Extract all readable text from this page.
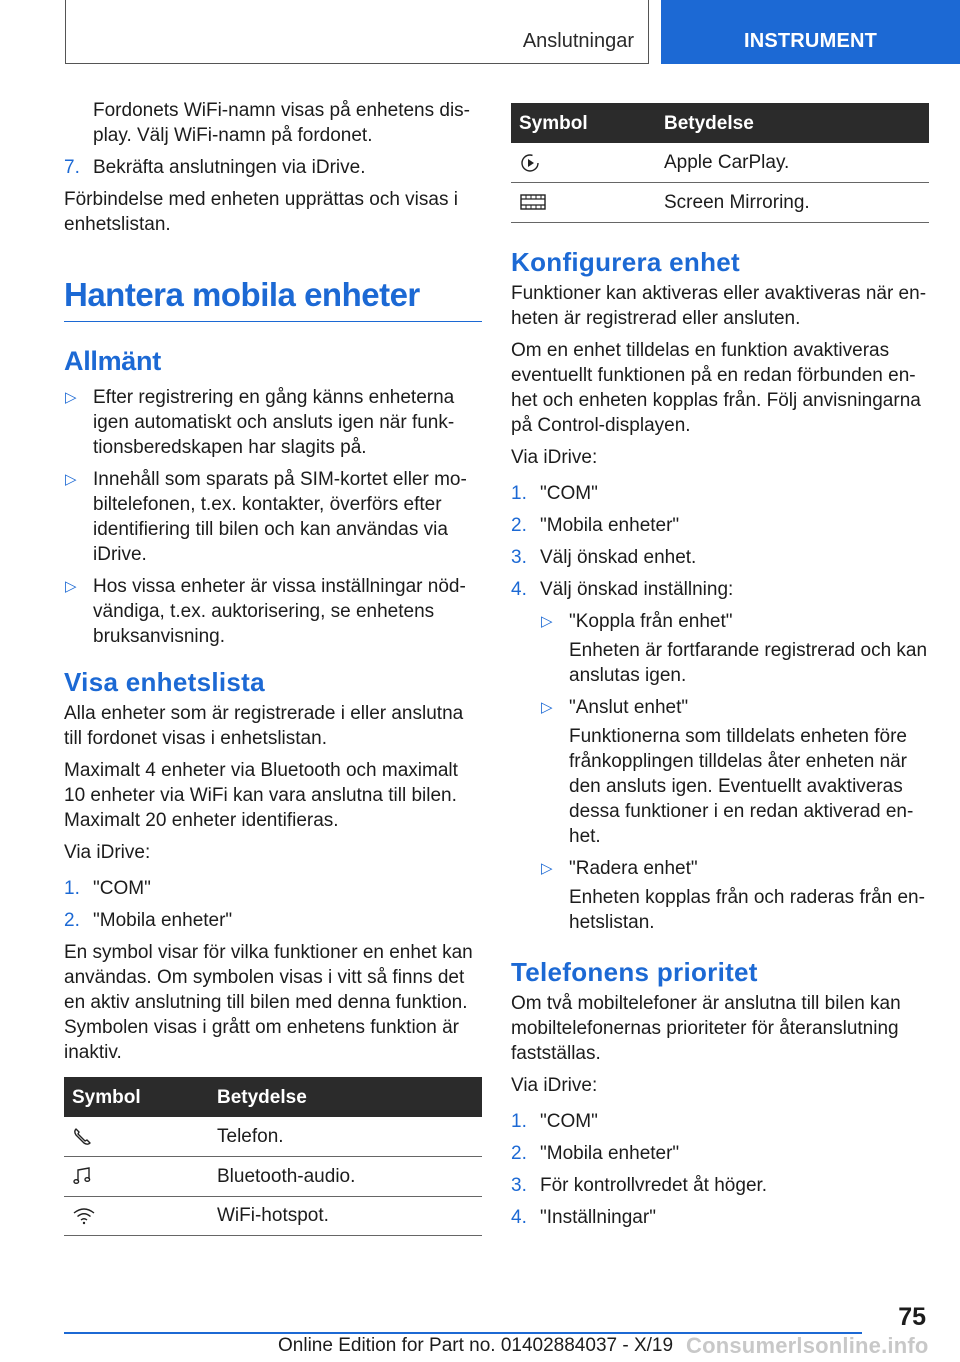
Anslutningar	INSTRUMENT

Fordonets WiFi-namn visas på enhetens display. Välj WiFi-namn på fordonet.

7. Bekräfta anslutningen via iDrive.

Förbindelse med enheten upprättas och visas i enhetslistan.

Hantera mobila enheter
Allmänt
▷ Efter registrering en gång känns enheterna igen automatiskt och ansluts igen när funktionsberedskapen har slagits på.
▷ Innehåll som sparats på SIM-kortet eller mobiltelefonen, t.ex. kontakter, överförs efter identifiering till bilen och kan användas via iDrive.
▷ Hos vissa enheter är vissa inställningar nödvändiga, t.ex. auktorisering, se enhetens bruksanvisning.
Visa enhetslista

Alla enheter som är registrerade i eller anslutna till fordonet visas i enhetslistan.

Maximalt 4 enheter via Bluetooth och maximalt 10 enheter via WiFi kan vara anslutna till bilen. Maximalt 20 enheter identifieras.

Via iDrive:

1. "COM"
2. "Mobila enheter"

En symbol visar för vilka funktioner en enhet kan användas. Om symbolen visas i vitt så finns det en aktiv anslutning till bilen med denna funktion. Symbolen visas i grått om enhetens funktion är inaktiv.

Symbol	Betydelse

	Telefon.

	Bluetooth-audio.

	WiFi-hotspot.
Symbol	Betydelse

	Apple CarPlay.

	Screen Mirroring.
Konfigurera enhet

Funktioner kan aktiveras eller avaktiveras när enheten är registrerad eller ansluten.

Om en enhet tilldelas en funktion avaktiveras eventuellt funktionen på en redan förbunden enhet och enheten kopplas från. Följ anvisningarna på Control-displayen.

Via iDrive:

1. "COM"
2. "Mobila enheter"
3. Välj önskad enhet.
4. Välj önskad inställning:
▷ "Koppla från enhet"

Enheten är fortfarande registrerad och kan anslutas igen.

▷ "Anslut enhet"

Funktionerna som tilldelats enheten före frånkopplingen tilldelas åter enheten när den ansluts igen. Eventuellt avaktiveras dessa funktioner i en redan aktiverad enhet.

▷ "Radera enhet"

Enheten kopplas från och raderas från enhetslistan.

Telefonens prioritet

Om två mobiltelefoner är anslutna till bilen kan mobiltelefonernas prioriteter för återanslutning fastställas.

Via iDrive:

1. "COM"
2. "Mobila enheter"
3. För kontrollvredet åt höger.
4. "Inställningar"
75
Online Edition for Part no. 01402884037 - X/19 Consumerlsonline.info
